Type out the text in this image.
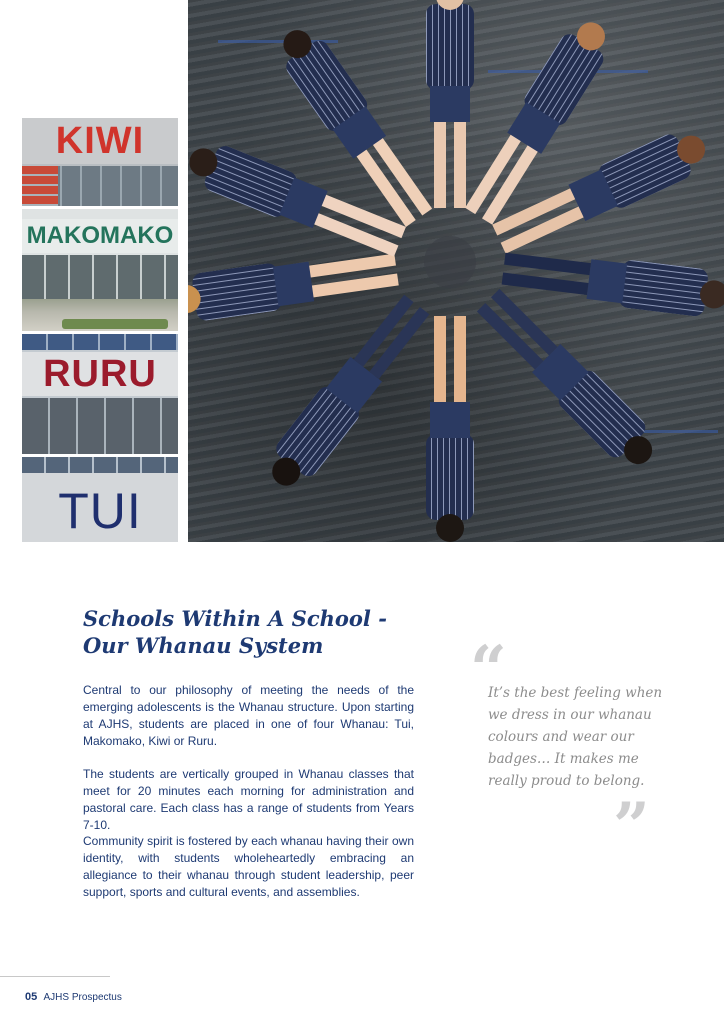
KIWI
MAKOMAKO
RURU
TUI
Schools Within A School -
Our Whanau System

Central to our philosophy of meeting the needs of the emerging adolescents is the Whanau structure. Upon starting at AJHS, students are placed in one of four Whanau: Tui, Makomako, Kiwi or Ruru.

The students are vertically grouped in Whanau classes that meet for 20 minutes each morning for administration and pastoral care. Each class has a range of students from Years 7-10.

Community spirit is fostered by each whanau having their own identity, with students wholeheartedly embracing an allegiance to their whanau through student leadership, peer support, sports and cultural events, and assemblies.

“

It’s the best feeling when we dress in our whanau colours and wear our badges… It makes me really proud to belong.

”
05 AJHS Prospectus
